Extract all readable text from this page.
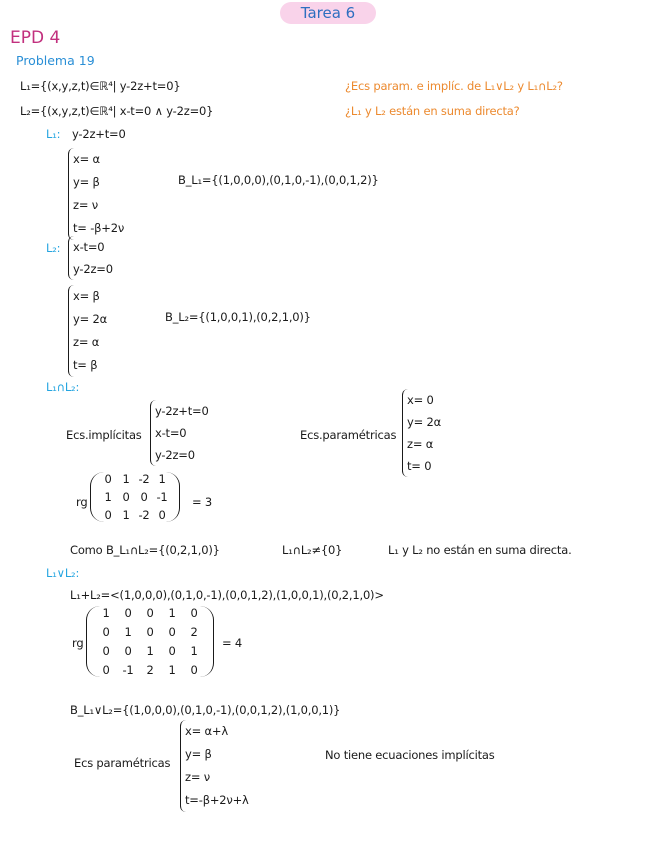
Tarea 6
EPD 4
Problema 19
L₁={(x,y,z,t)∈ℝ⁴| y-2z+t=0}
L₂={(x,y,z,t)∈ℝ⁴| x-t=0 ∧ y-2z=0}
¿Ecs param. e implíc. de L₁∨L₂ y L₁∩L₂?
¿L₁ y L₂ están en suma directa?
L₁: y-2z+t=0
x= α
y= β
z= ν
t= -β+2ν
B_L₁={(1,0,0,0),(0,1,0,-1),(0,0,1,2)}
L₂: x-t=0
y-2z=0
x= β
y= 2α
z= α
t= β
B_L₂={(1,0,0,1),(0,2,1,0)}
L₁∩L₂:
Ecs.implícitas
y-2z+t=0
x-t=0
y-2z=0
Ecs.paramétricas
x= 0
y= 2α
z= α
t= 0
rg
0 1 -2 1
1 0 0 -1
0 1 -2 0
= 3
Como B_L₁∩L₂={(0,2,1,0)}	L₁∩L₂≠{0}	L₁ y L₂ no están en suma directa.
L₁∨L₂:
L₁+L₂=<(1,0,0,0),(0,1,0,-1),(0,0,1,2),(1,0,0,1),(0,2,1,0)>
rg
1	0	0	1	0
0	1	0	0	2
0	0	1	0	1
0	-1	2	1	0
= 4
B_L₁∨L₂={(1,0,0,0),(0,1,0,-1),(0,0,1,2),(1,0,0,1)}
Ecs paramétricas
x= α+λ
y= β
z= ν
t=-β+2ν+λ
No tiene ecuaciones implícitas
